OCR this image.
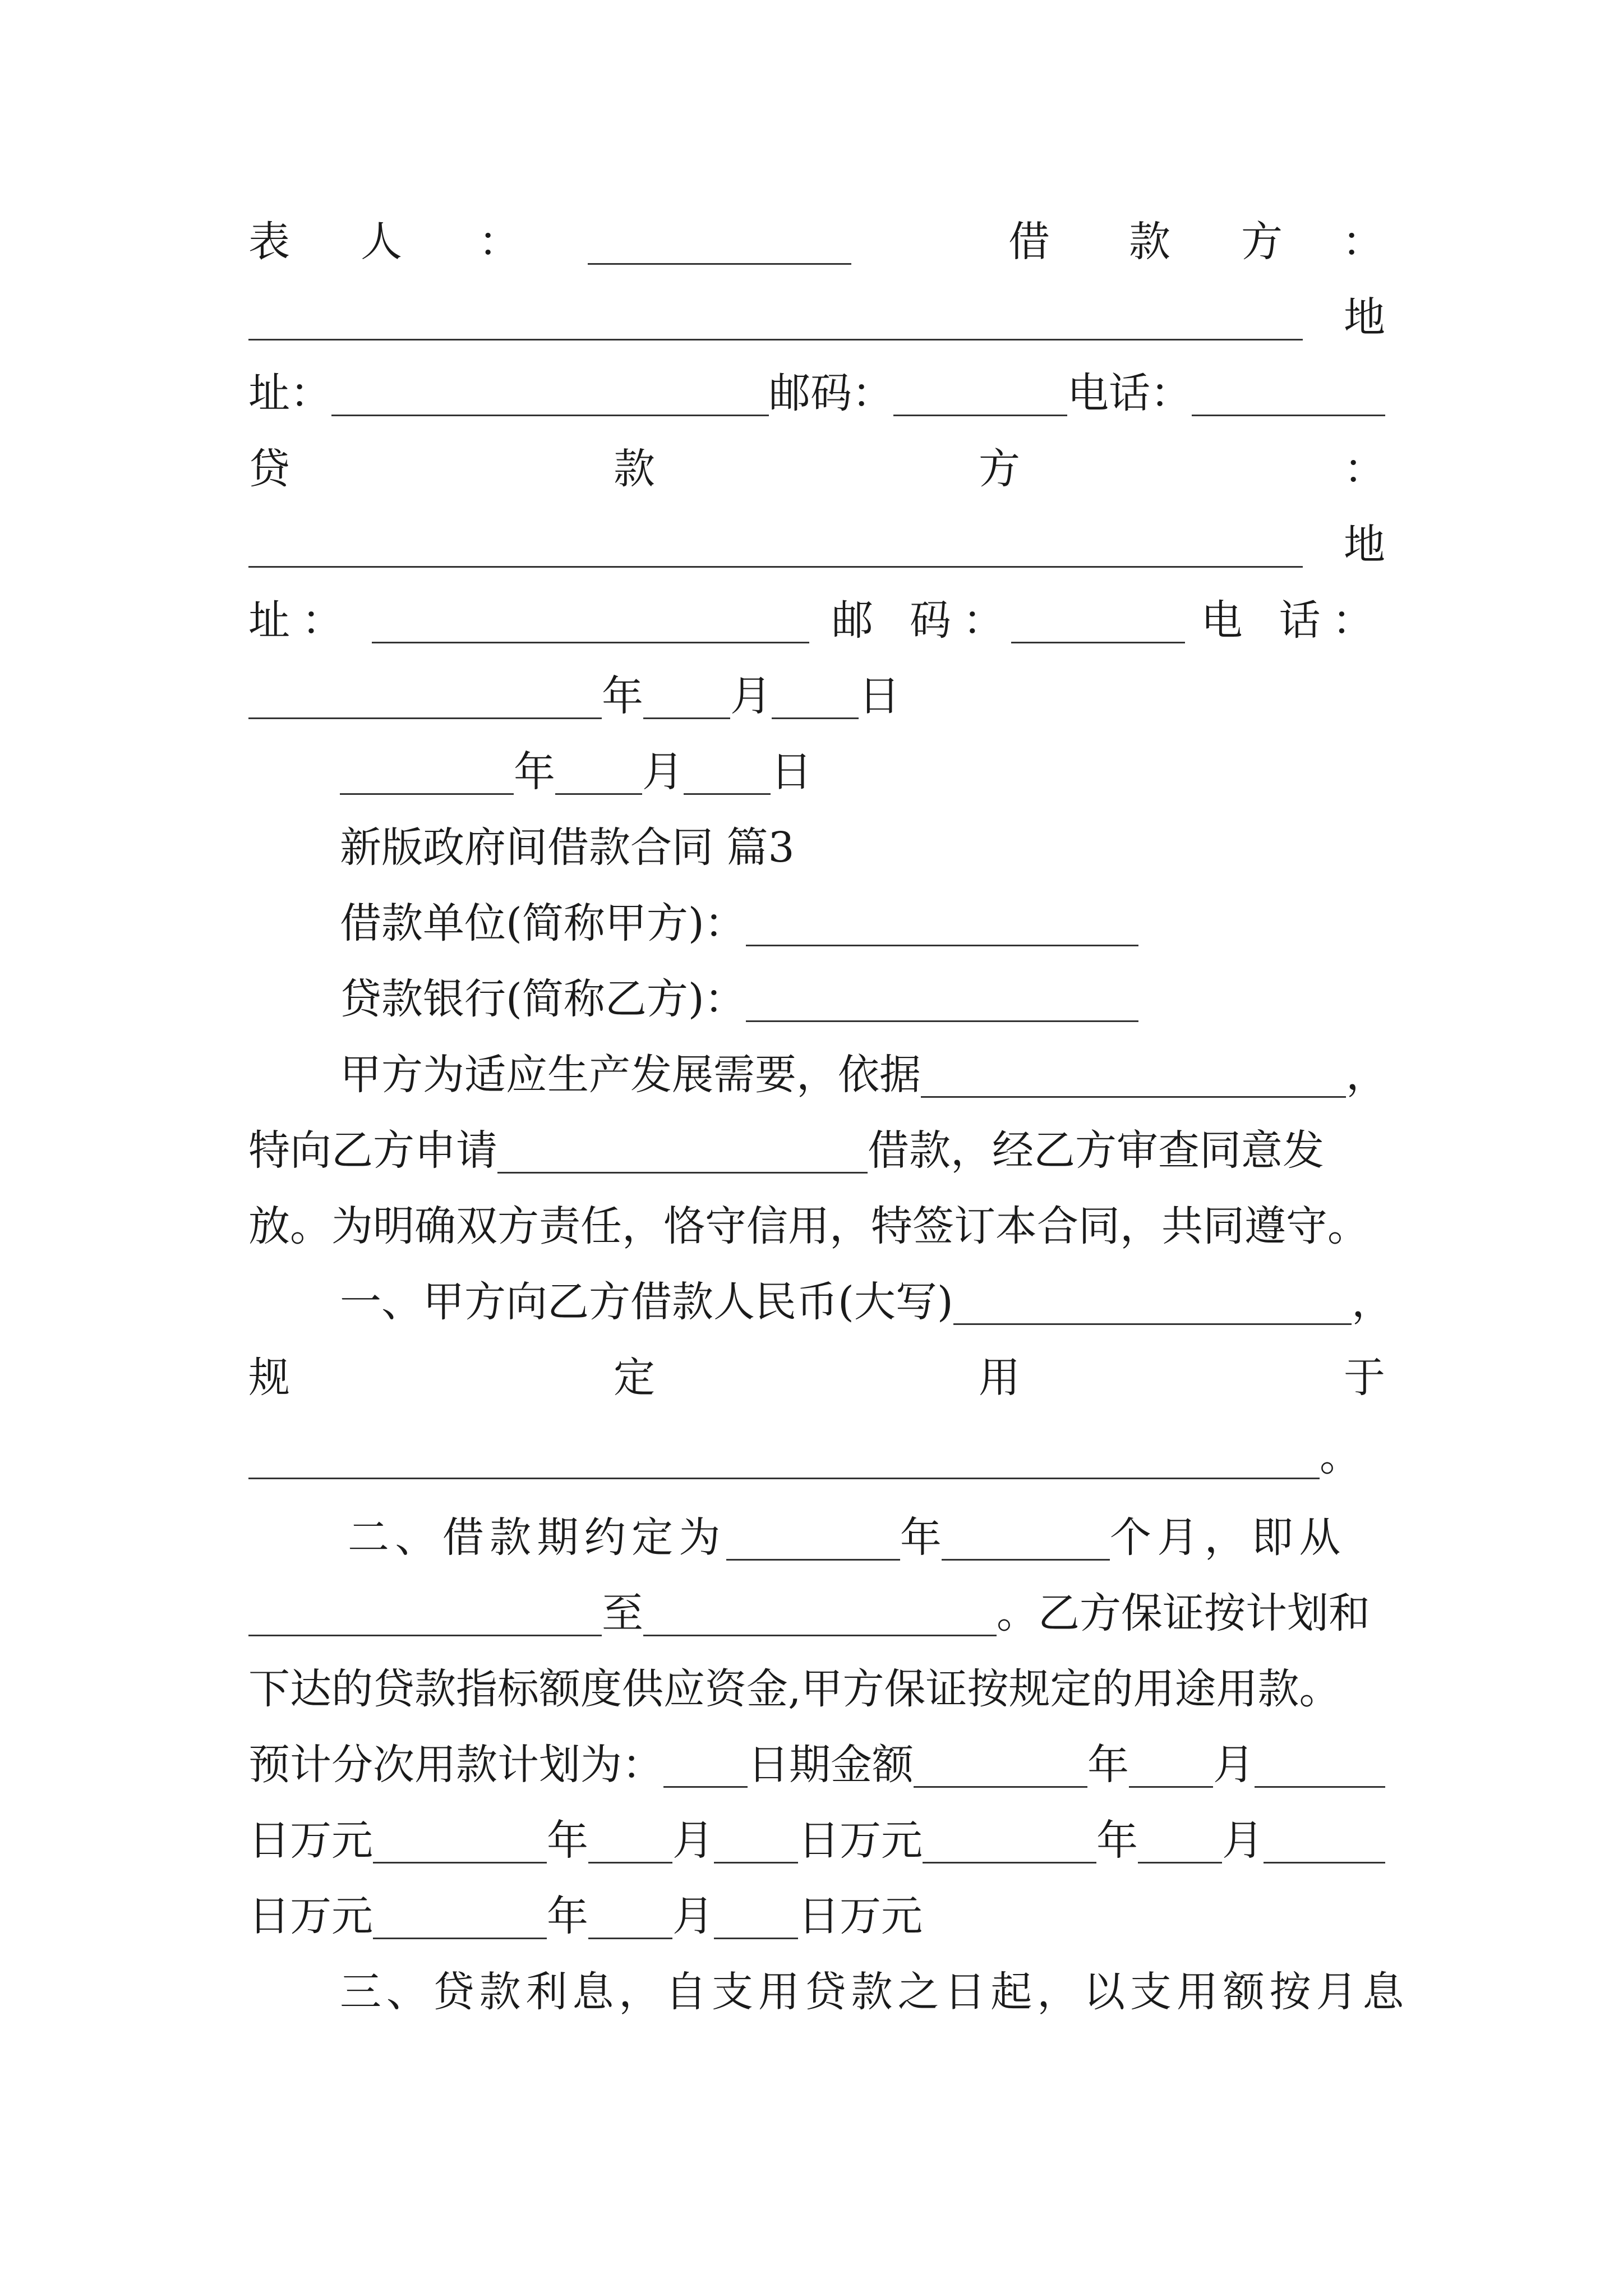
表	人	：	借	款	方	：
地
址：	邮码：	电话：
贷	款	方	：
地
址：	邮 码：	电 话：
年 月 日
年 月 日
新版政府间借款合同 篇3
借款单位(简称甲方)：
贷款银行(简称乙方)：
甲方为适应生产发展需要，依据	，
特向乙方申请	借款，经乙方审查同意发
放。为明确双方责任，恪守信用，特签订本合同，共同遵守。
一、甲方向乙方借款人民币(大写)	，
规	定	用	于
。
二、借款期约定为	年	个月，即从
至	。乙方保证按计划和
下达的贷款指标额度供应资金,甲方保证按规定的用途用款。
预计分次用款计划为： 日期金额	年 月
日万元	年 月 日万元	年 月
日万元	年 月 日万元
三、贷款利息，自支用贷款之日起，以支用额按月息
